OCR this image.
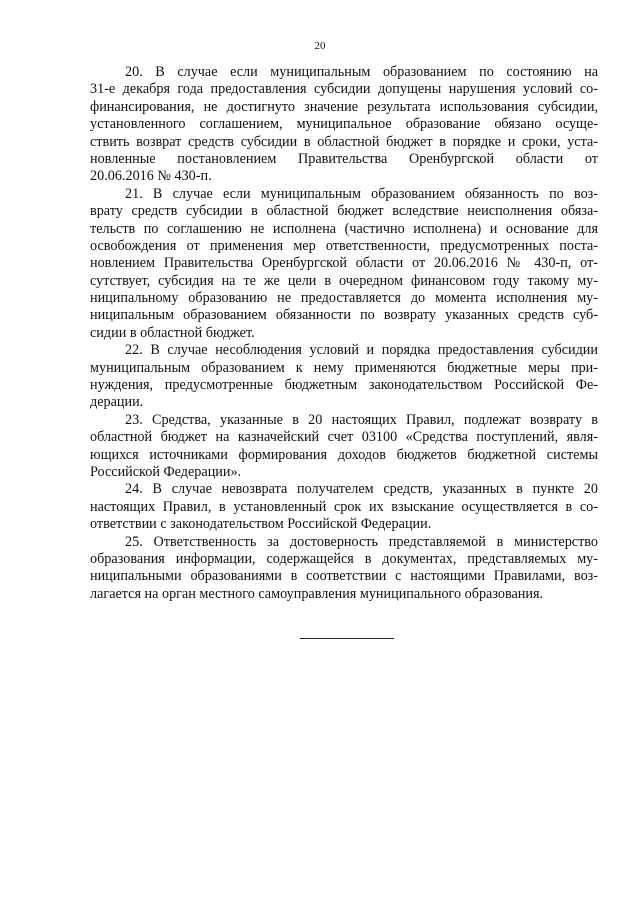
20
20. В случае если муниципальным образованием по состоянию на
31-е декабря года предоставления субсидии допущены нарушения условий со-
финансирования, не достигнуто значение результата использования субсидии,
установленного соглашением, муниципальное образование обязано осуще-
ствить возврат средств субсидии в областной бюджет в порядке и сроки, уста-
новленные постановлением Правительства Оренбургской области от
20.06.2016 № 430-п.
21. В случае если муниципальным образованием обязанность по воз-
врату средств субсидии в областной бюджет вследствие неисполнения обяза-
тельств по соглашению не исполнена (частично исполнена) и основание для
освобождения от применения мер ответственности, предусмотренных поста-
новлением Правительства Оренбургской области от 20.06.2016 № 430-п, от-
сутствует, субсидия на те же цели в очередном финансовом году такому му-
ниципальному образованию не предоставляется до момента исполнения му-
ниципальным образованием обязанности по возврату указанных средств суб-
сидии в областной бюджет.
22. В случае несоблюдения условий и порядка предоставления субсидии
муниципальным образованием к нему применяются бюджетные меры при-
нуждения, предусмотренные бюджетным законодательством Российской Фе-
дерации.
23. Средства, указанные в 20 настоящих Правил, подлежат возврату в
областной бюджет на казначейский счет 03100 «Средства поступлений, явля-
ющихся источниками формирования доходов бюджетов бюджетной системы
Российской Федерации».
24. В случае невозврата получателем средств, указанных в пункте 20
настоящих Правил, в установленный срок их взыскание осуществляется в со-
ответствии с законодательством Российской Федерации.
25. Ответственность за достоверность представляемой в министерство
образования информации, содержащейся в документах, представляемых му-
ниципальными образованиями в соответствии с настоящими Правилами, воз-
лагается на орган местного самоуправления муниципального образования.
